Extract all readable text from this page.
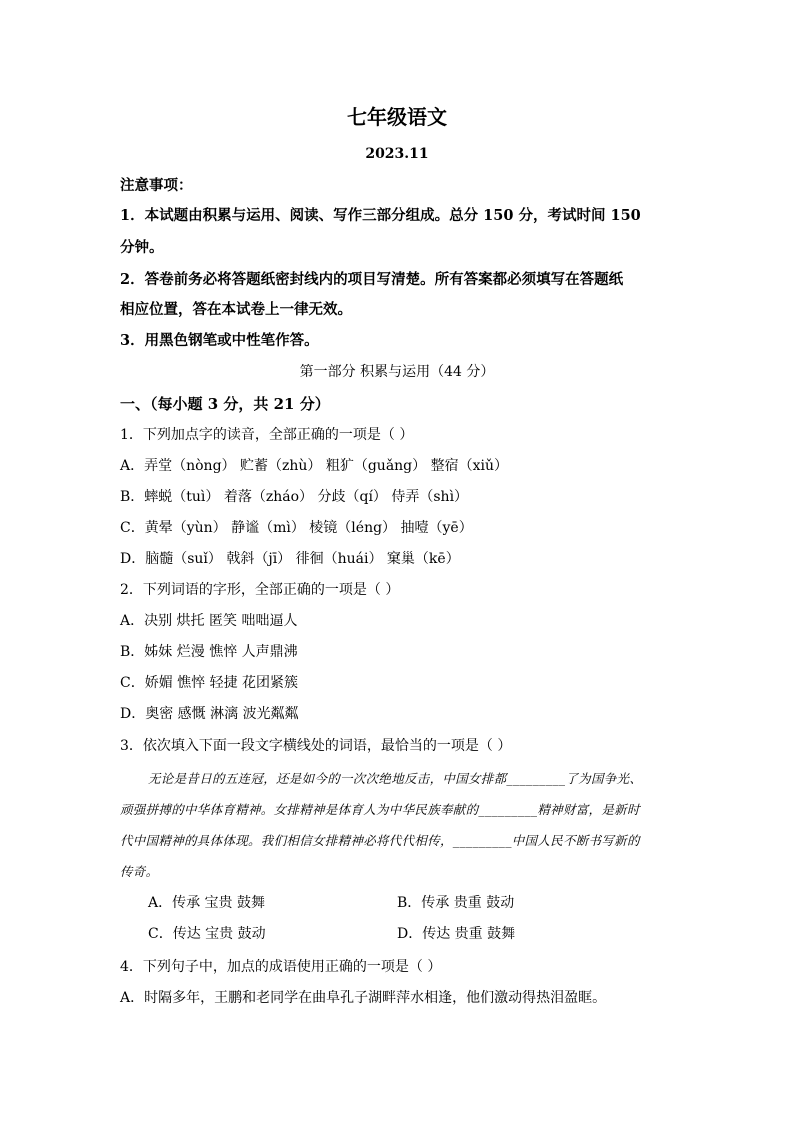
七年级语文
2023.11
注意事项：
1．本试题由积累与运用、阅读、写作三部分组成。总分 150 分，考试时间 150
分钟。
2．答卷前务必将答题纸密封线内的项目写清楚。所有答案都必须填写在答题纸
相应位置，答在本试卷上一律无效。
3．用黑色钢笔或中性笔作答。
第一部分 积累与运用（44 分）
一、（每小题 3 分，共 21 分）
1．下列加点字的读音，全部正确的一项是（ ）
A．弄堂（nòng） 贮蓄（zhù） 粗犷（guǎng） 整宿（xiǔ）
B．蟀蜕（tuì） 着落（zháo） 分歧（qí） 侍弄（shì）
C．黄晕（yùn） 静谧（mì） 棱镜（léng） 抽噎（yē）
D．脑髓（suǐ） 戟斜（jī） 徘徊（huái） 窠巢（kē）
2．下列词语的字形，全部正确的一项是（ ）
A．决别 烘托 匿笑 咄咄逼人
B．姊妹 烂漫 憔悴 人声鼎沸
C．娇媚 憔悴 轻捷 花团紧簇
D．奥密 感慨 淋漓 波光粼粼
3．依次填入下面一段文字横线处的词语，最恰当的一项是（ ）
无论是昔日的五连冠，还是如今的一次次绝地反击，中国女排都_________了为国争光、
顽强拼搏的中华体育精神。女排精神是体育人为中华民族奉献的_________精神财富，是新时
代中国精神的具体体现。我们相信女排精神必将代代相传，_________中国人民不断书写新的
传奇。
A．传承 宝贵 鼓舞	B．传承 贵重 鼓动
C．传达 宝贵 鼓动	D．传达 贵重 鼓舞
4．下列句子中，加点的成语使用正确的一项是（ ）
A．时隔多年，王鹏和老同学在曲阜孔子湖畔萍水相逢，他们激动得热泪盈眶。
